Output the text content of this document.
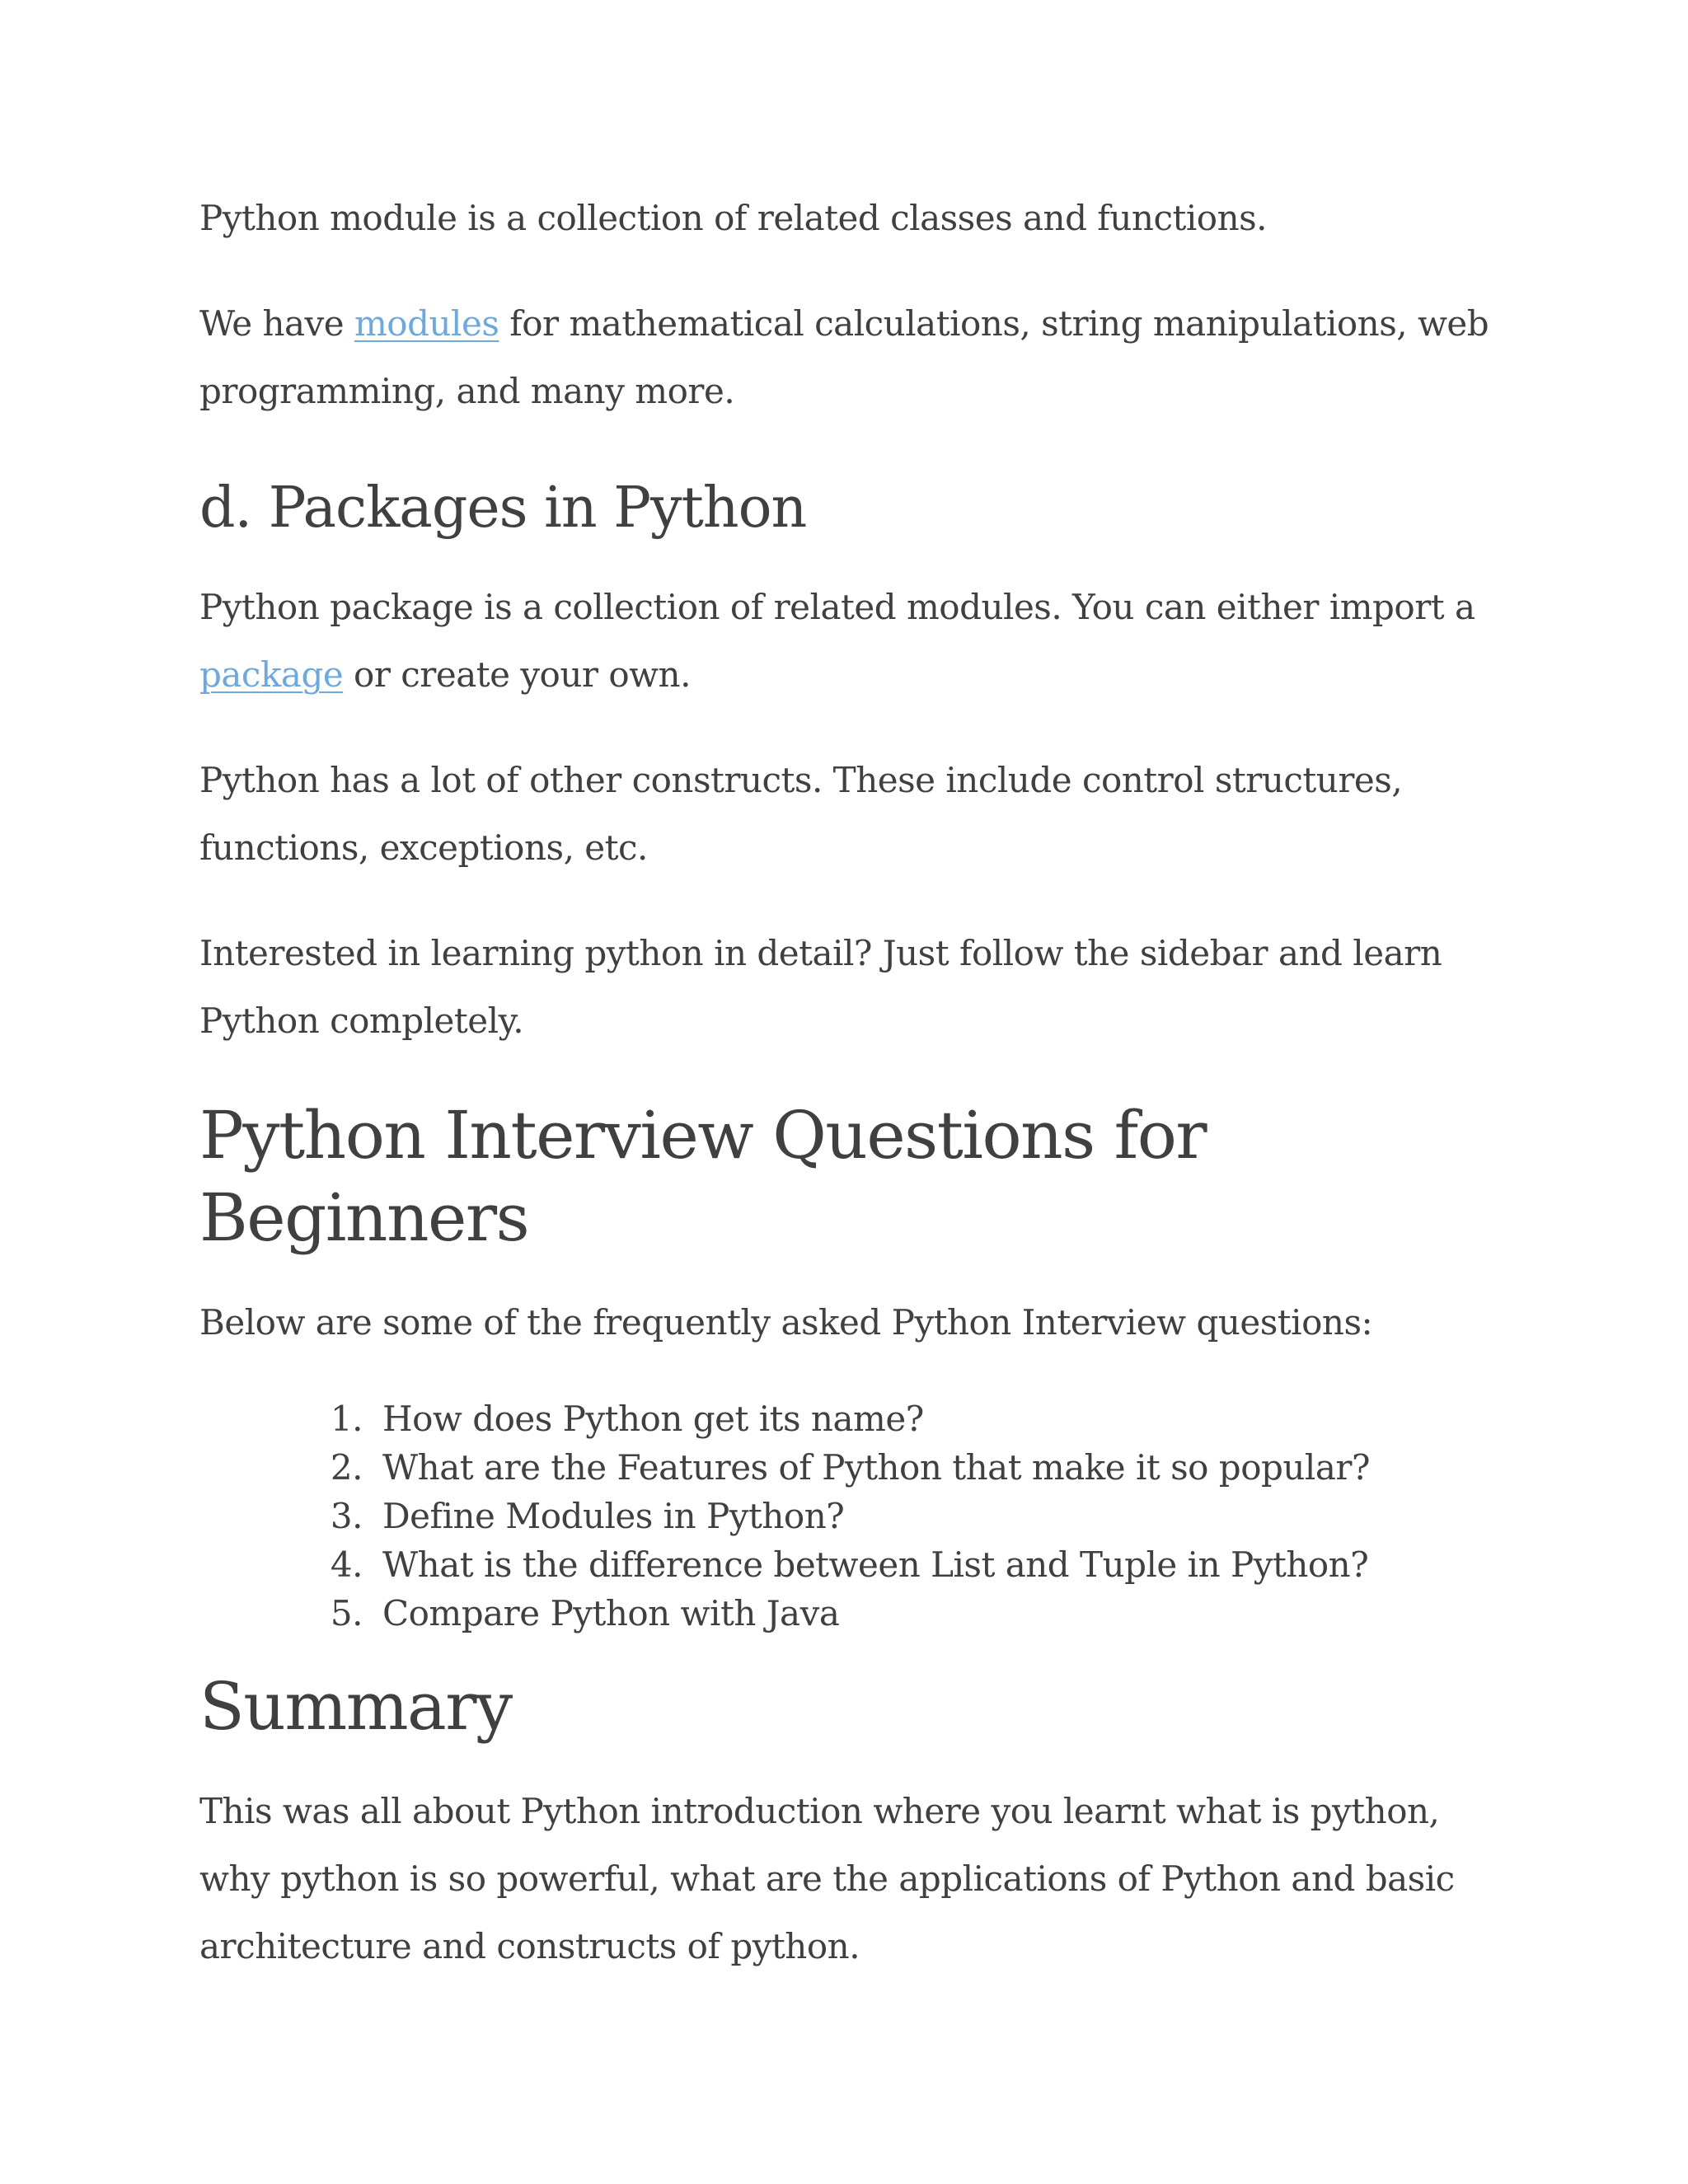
Python module is a collection of related classes and functions.

We have modules for mathematical calculations, string manipulations, web programming, and many more.

d. Packages in Python

Python package is a collection of related modules. You can either import a package or create your own.

Python has a lot of other constructs. These include control structures, functions, exceptions, etc.

Interested in learning python in detail? Just follow the sidebar and learn Python completely.

Python Interview Questions for Beginners

Below are some of the frequently asked Python Interview questions:

1. How does Python get its name?
2. What are the Features of Python that make it so popular?
3. Define Modules in Python?
4. What is the difference between List and Tuple in Python?
5. Compare Python with Java
Summary

This was all about Python introduction where you learnt what is python, why python is so powerful, what are the applications of Python and basic architecture and constructs of python.
